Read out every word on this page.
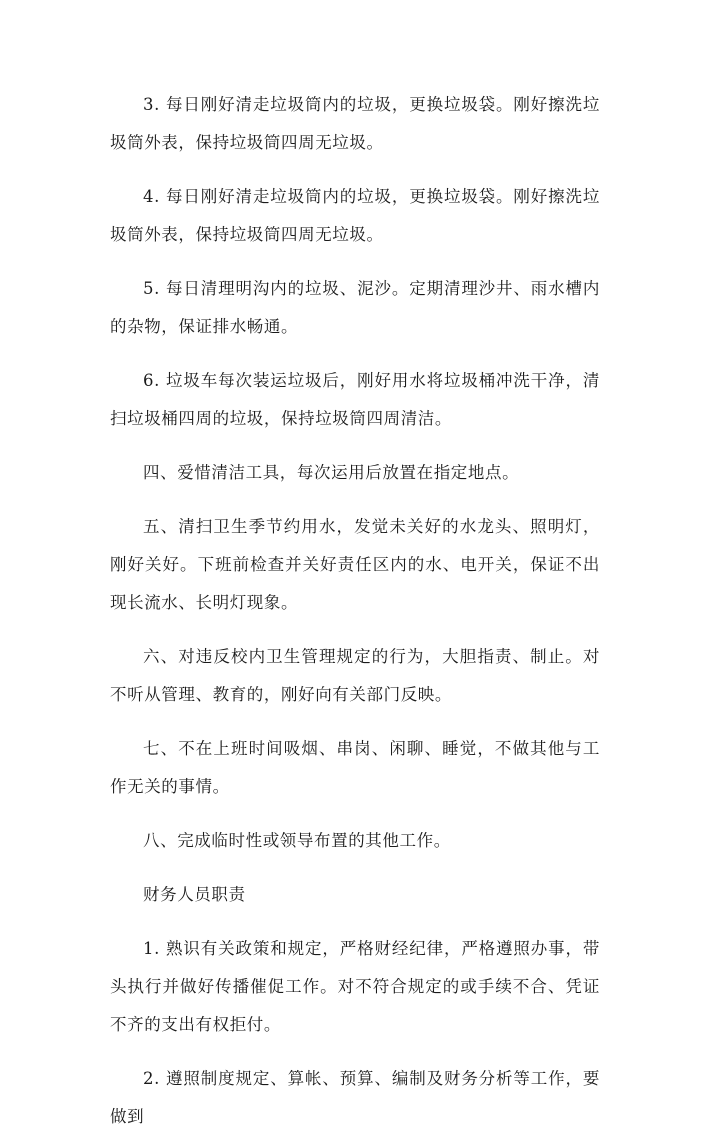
3. 每日刚好清走垃圾筒内的垃圾，更换垃圾袋。刚好擦洗垃圾筒外表，保持垃圾筒四周无垃圾。

4. 每日刚好清走垃圾筒内的垃圾，更换垃圾袋。刚好擦洗垃圾筒外表，保持垃圾筒四周无垃圾。

5. 每日清理明沟内的垃圾、泥沙。定期清理沙井、雨水槽内的杂物，保证排水畅通。

6. 垃圾车每次装运垃圾后，刚好用水将垃圾桶冲洗干净，清扫垃圾桶四周的垃圾，保持垃圾筒四周清洁。

四、爱惜清洁工具，每次运用后放置在指定地点。

五、清扫卫生季节约用水，发觉未关好的水龙头、照明灯，刚好关好。下班前检查并关好责任区内的水、电开关，保证不出现长流水、长明灯现象。

六、对违反校内卫生管理规定的行为，大胆指责、制止。对不听从管理、教育的，刚好向有关部门反映。

七、不在上班时间吸烟、串岗、闲聊、睡觉，不做其他与工作无关的事情。

八、完成临时性或领导布置的其他工作。

财务人员职责

1. 熟识有关政策和规定，严格财经纪律，严格遵照办事，带头执行并做好传播催促工作。对不符合规定的或手续不合、凭证不齐的支出有权拒付。

2. 遵照制度规定、算帐、预算、编制及财务分析等工作，要做到
